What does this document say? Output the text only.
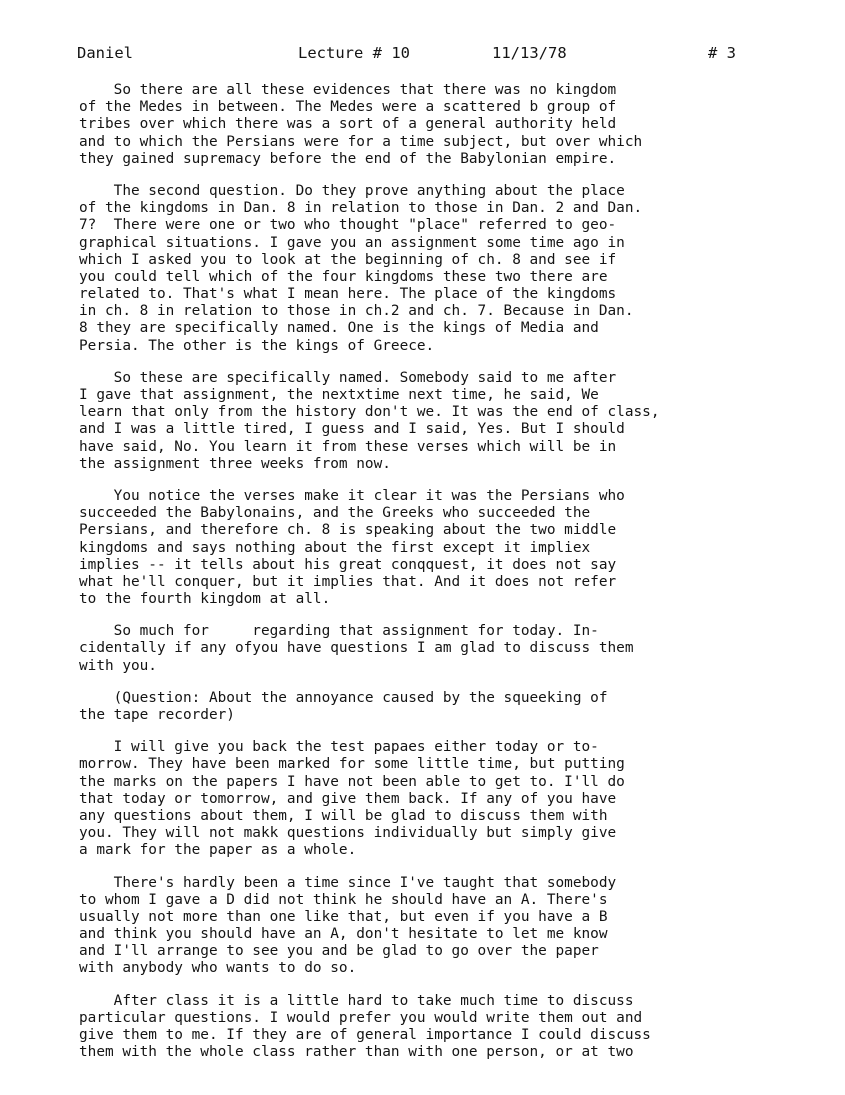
Daniel	Lecture # 10	11/13/78	# 3
So there are all these evidences that there was no kingdom
of the Medes in between. The Medes were a scattered b group of
tribes over which there was a sort of a general authority held
and to which the Persians were for a time subject, but over which
they gained supremacy before the end of the Babylonian empire.
The second question. Do they prove anything about the place
of the kingdoms in Dan. 8 in relation to those in Dan. 2 and Dan.
7?  There were one or two who thought "place" referred to geo-
graphical situations. I gave you an assignment some time ago in
which I asked you to look at the beginning of ch. 8 and see if
you could tell which of the four kingdoms these two there are
related to. That's what I mean here. The place of the kingdoms
in ch. 8 in relation to those in ch.2 and ch. 7. Because in Dan.
8 they are specifically named. One is the kings of Media and
Persia. The other is the kings of Greece.
So these are specifically named. Somebody said to me after
I gave that assignment, the nextxtime next time, he said, We
learn that only from the history don't we. It was the end of class,
and I was a little tired, I guess and I said, Yes. But I should
have said, No. You learn it from these verses which will be in
the assignment three weeks from now.
You notice the verses make it clear it was the Persians who
succeeded the Babylonains, and the Greeks who succeeded the
Persians, and therefore ch. 8 is speaking about the two middle
kingdoms and says nothing about the first except it impliex
implies -- it tells about his great conqquest, it does not say
what he'll conquer, but it implies that. And it does not refer
to the fourth kingdom at all.
So much for     regarding that assignment for today. In-
cidentally if any ofyou have questions I am glad to discuss them
with you.
(Question: About the annoyance caused by the squeeking of
the tape recorder)
I will give you back the test papaes either today or to-
morrow. They have been marked for some little time, but putting
the marks on the papers I have not been able to get to. I'll do
that today or tomorrow, and give them back. If any of you have
any questions about them, I will be glad to discuss them with
you. They will not makk questions individually but simply give
a mark for the paper as a whole.
There's hardly been a time since I've taught that somebody
to whom I gave a D did not think he should have an A. There's
usually not more than one like that, but even if you have a B
and think you should have an A, don't hesitate to let me know
and I'll arrange to see you and be glad to go over the paper
with anybody who wants to do so.
After class it is a little hard to take much time to discuss
particular questions. I would prefer you would write them out and
give them to me. If they are of general importance I could discuss
them with the whole class rather than with one person, or at two
